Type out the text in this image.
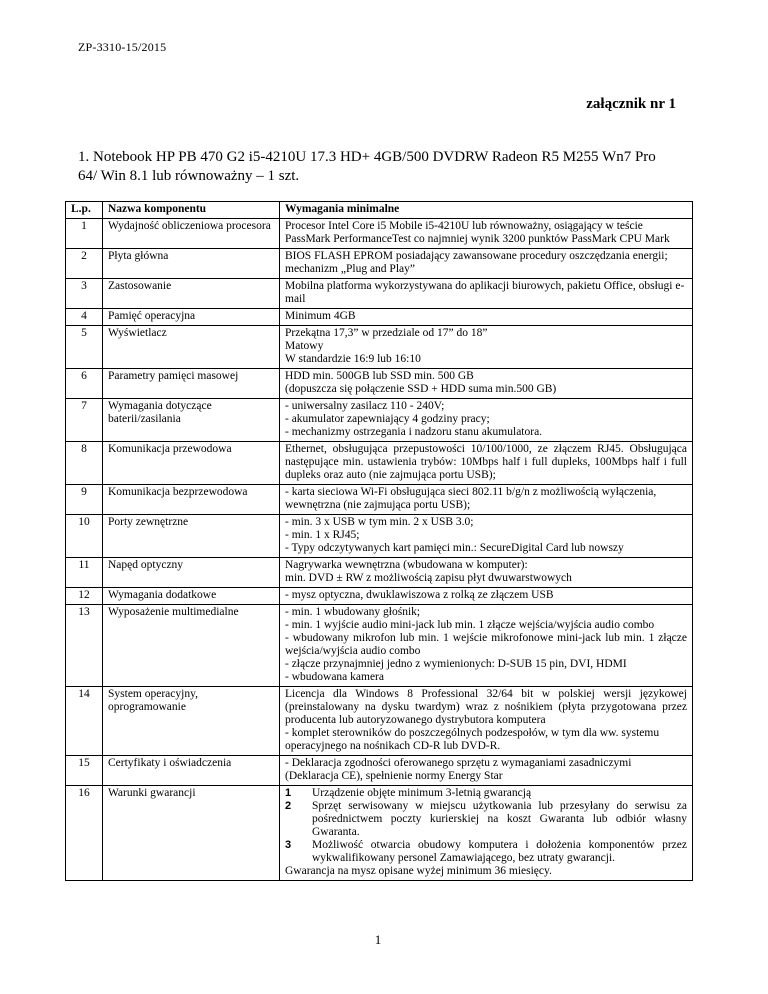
ZP-3310-15/2015
załącznik nr 1
1. Notebook HP PB 470 G2 i5-4210U 17.3 HD+ 4GB/500 DVDRW Radeon R5 M255 Wn7 Pro 64/ Win 8.1 lub równoważny – 1 szt.
L.p.	Nazwa komponentu	Wymagania minimalne
1	Wydajność obliczeniowa procesora	Procesor Intel Core i5 Mobile i5-4210U lub równoważny, osiągający w teście PassMark PerformanceTest co najmniej wynik 3200 punktów PassMark CPU Mark

2	Płyta główna	BIOS FLASH EPROM posiadający zawansowane procedury oszczędzania energii; mechanizm „Plug and Play”

3	Zastosowanie	Mobilna platforma wykorzystywana do aplikacji biurowych, pakietu Office, obsługi e-mail

4	Pamięć operacyjna	Minimum 4GB

5	Wyświetlacz	Przekątna 17,3” w przedziale od 17” do 18”
Matowy
W standardzie 16:9 lub 16:10

6	Parametry pamięci masowej	HDD min. 500GB lub SSD min. 500 GB
(dopuszcza się połączenie SSD + HDD suma min.500 GB)

7	Wymagania dotyczące baterii/zasilania	- uniwersalny zasilacz 110 - 240V;
- akumulator zapewniający 4 godziny pracy;
- mechanizmy ostrzegania i nadzoru stanu akumulatora.

8	Komunikacja przewodowa	Ethernet, obsługująca przepustowości 10/100/1000, ze złączem RJ45. Obsługująca następujące min. ustawienia trybów: 10Mbps half i full dupleks, 100Mbps half i full dupleks oraz auto (nie zajmująca portu USB);

9	Komunikacja bezprzewodowa	- karta sieciowa Wi-Fi obsługująca sieci 802.11 b/g/n z możliwością wyłączenia, wewnętrzna (nie zajmująca portu USB);

10	Porty zewnętrzne	- min. 3 x USB w tym min. 2 x USB 3.0;
- min. 1 x RJ45;
- Typy odczytywanych kart pamięci min.: SecureDigital Card lub nowszy

11	Napęd optyczny	Nagrywarka wewnętrzna (wbudowana w komputer):
min. DVD ± RW z możliwością zapisu płyt dwuwarstwowych

12	Wymagania dodatkowe	- mysz optyczna, dwuklawiszowa z rolką ze złączem USB

13	Wyposażenie multimedialne	- min. 1 wbudowany głośnik;
- min. 1 wyjście audio mini-jack lub min. 1 złącze wejścia/wyjścia audio combo
- wbudowany mikrofon lub min. 1 wejście mikrofonowe mini-jack lub min. 1 złącze wejścia/wyjścia audio combo
- złącze przynajmniej jedno z wymienionych: D-SUB 15 pin, DVI, HDMI
- wbudowana kamera

14	System operacyjny, oprogramowanie	Licencja dla Windows 8 Professional 32/64 bit w polskiej wersji językowej (preinstalowany na dysku twardym) wraz z nośnikiem (płyta przygotowana przez producenta lub autoryzowanego dystrybutora komputera
- komplet sterowników do poszczególnych podzespołów, w tym dla ww. systemu operacyjnego na nośnikach CD-R lub DVD-R.

15	Certyfikaty i oświadczenia	- Deklaracja zgodności oferowanego sprzętu z wymaganiami zasadniczymi (Deklaracja CE), spełnienie normy Energy Star

16	Warunki gwarancji	1	Urządzenie objęte minimum 3-letnią gwarancją
2	Sprzęt serwisowany w miejscu użytkowania lub przesyłany do serwisu za pośrednictwem poczty kurierskiej na koszt Gwaranta lub odbiór własny Gwaranta.
3	Możliwość otwarcia obudowy komputera i dołożenia komponentów przez wykwalifikowany personel Zamawiającego, bez utraty gwarancji.
Gwarancja na mysz opisane wyżej minimum 36 miesięcy.
1
